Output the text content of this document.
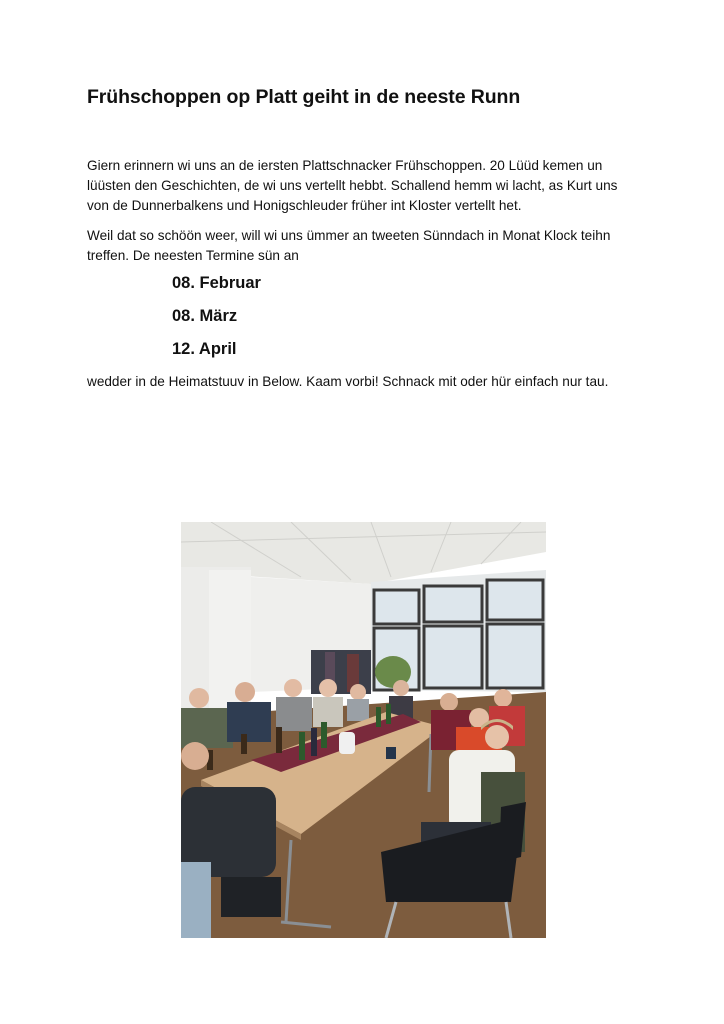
Frühschoppen op Platt geiht in de neeste Runn

Giern erinnern wi uns an de iersten Plattschnacker Frühschoppen. 20 Lüüd kemen un lüüsten den Geschichten, de wi uns vertellt hebbt. Schallend hemm wi lacht, as Kurt uns von de Dunnerbalkens und Honigschleuder früher int Kloster vertellt het.

Weil dat so schöön weer, will wi uns ümmer an tweeten Sünndach in Monat Klock teihn treffen. De neesten Termine sün an

08. Februar

08. März

12. April

wedder in de Heimatstuuv in Below. Kaam vorbi! Schnack mit oder hür einfach nur tau.
